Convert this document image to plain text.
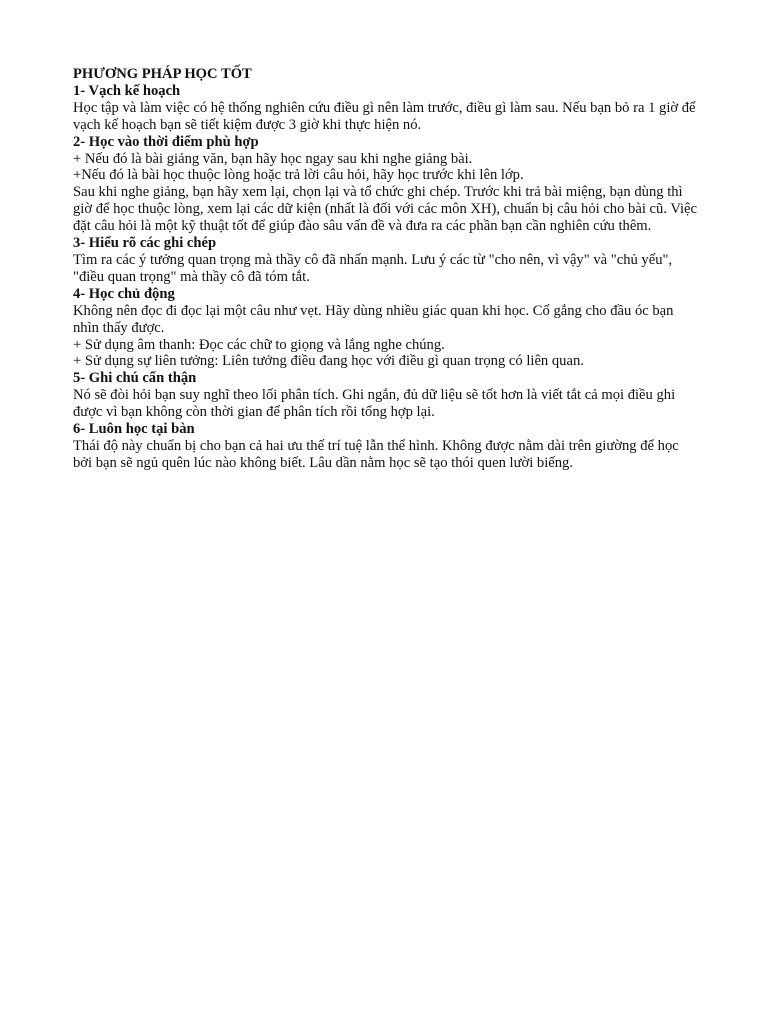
PHƯƠNG PHÁP HỌC TỐT

1- Vạch kế hoạch

Học tập và làm việc có hệ thống nghiên cứu điều gì nên làm trước, điều gì làm sau. Nếu bạn bỏ ra 1 giờ để vạch kế hoạch bạn sẽ tiết kiệm được 3 giờ khi thực hiện nó.

2- Học vào thời điểm phù hợp

+ Nếu đó là bài giảng văn, bạn hãy học ngay sau khi nghe giảng bài.

+Nếu đó là bài học thuộc lòng hoặc trả lời câu hỏi, hãy học trước khi lên lớp.

Sau khi nghe giảng, bạn hãy xem lại, chọn lại và tổ chức ghi chép. Trước khi trả bài miệng, bạn dùng thì giờ để học thuộc lòng, xem lại các dữ kiện (nhất là đối với các môn XH), chuẩn bị câu hỏi cho bài cũ. Việc đặt câu hỏi là một kỹ thuật tốt để giúp đào sâu vấn đề và đưa ra các phần bạn cần nghiên cứu thêm.

3- Hiểu rõ các ghi chép

Tìm ra các ý tưởng quan trọng mà thầy cô đã nhấn mạnh. Lưu ý các từ "cho nên, vì vậy" và "chủ yếu", "điều quan trọng" mà thầy cô đã tóm tắt.

4- Học chủ động

Không nên đọc đi đọc lại một câu như vẹt. Hãy dùng nhiều giác quan khi học. Cố gắng cho đầu óc bạn nhìn thấy được.

+ Sử dụng âm thanh: Đọc các chữ to giọng và lắng nghe chúng.

+ Sử dụng sự liên tưởng: Liên tưởng điều đang học với điều gì quan trọng có liên quan.

5- Ghi chú cẩn thận

Nó sẽ đòi hỏi bạn suy nghĩ theo lối phân tích. Ghi ngắn, đủ dữ liệu sẽ tốt hơn là viết tắt cả mọi điều ghi được vì bạn không còn thời gian để phân tích rồi tổng hợp lại.

6- Luôn học tại bàn

Thái độ này chuẩn bị cho bạn cả hai ưu thế trí tuệ lẫn thể hình. Không được nằm dài trên giường để học bởi bạn sẽ ngủ quên lúc nào không biết. Lâu dần nằm học sẽ tạo thói quen lười biếng.
